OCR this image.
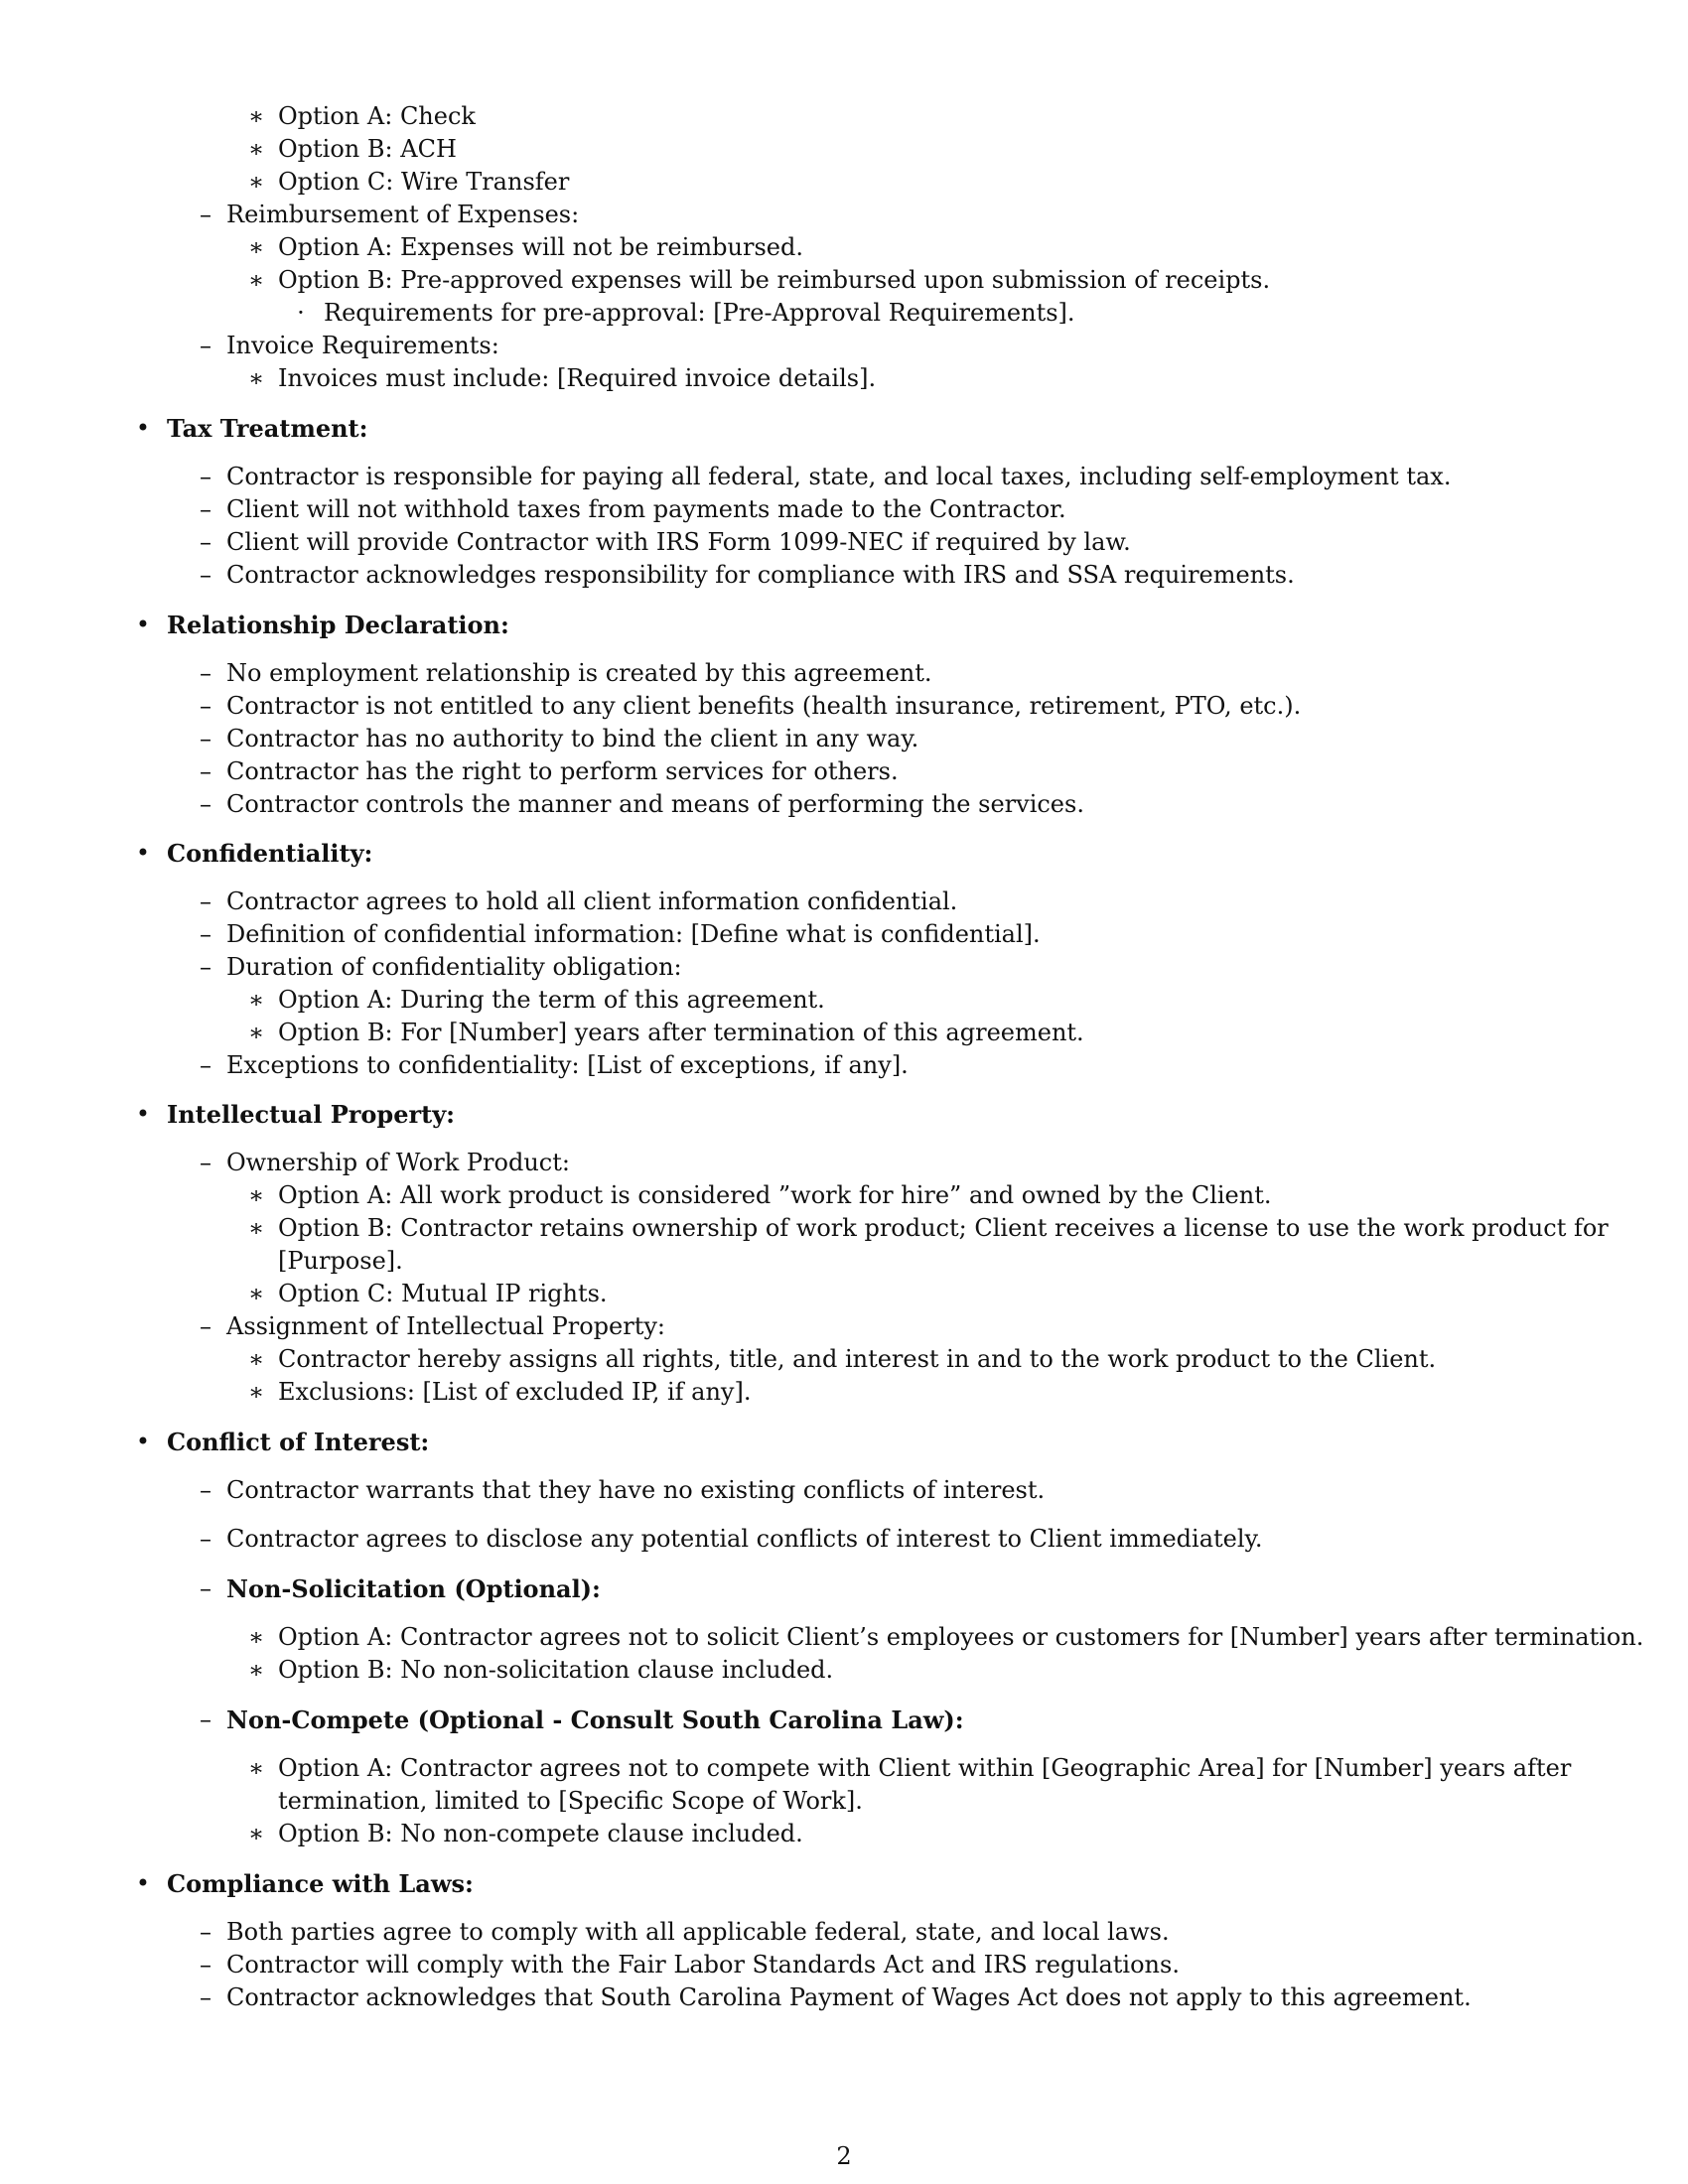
∗ Option A: Check
∗ Option B: ACH
∗ Option C: Wire Transfer
– Reimbursement of Expenses:
∗ Option A: Expenses will not be reimbursed.
∗ Option B: Pre-approved expenses will be reimbursed upon submission of receipts.
· Requirements for pre-approval: [Pre-Approval Requirements].
– Invoice Requirements:
∗ Invoices must include: [Required invoice details].
• Tax Treatment:
– Contractor is responsible for paying all federal, state, and local taxes, including self-employment tax.
– Client will not withhold taxes from payments made to the Contractor.
– Client will provide Contractor with IRS Form 1099-NEC if required by law.
– Contractor acknowledges responsibility for compliance with IRS and SSA requirements.
• Relationship Declaration:
– No employment relationship is created by this agreement.
– Contractor is not entitled to any client benefits (health insurance, retirement, PTO, etc.).
– Contractor has no authority to bind the client in any way.
– Contractor has the right to perform services for others.
– Contractor controls the manner and means of performing the services.
• Confidentiality:
– Contractor agrees to hold all client information confidential.
– Definition of confidential information: [Define what is confidential].
– Duration of confidentiality obligation:
∗ Option A: During the term of this agreement.
∗ Option B: For [Number] years after termination of this agreement.
– Exceptions to confidentiality: [List of exceptions, if any].
• Intellectual Property:
– Ownership of Work Product:
∗ Option A: All work product is considered ”work for hire” and owned by the Client.
∗ Option B: Contractor retains ownership of work product; Client receives a license to use the work product for
[Purpose].
∗ Option C: Mutual IP rights.
– Assignment of Intellectual Property:
∗ Contractor hereby assigns all rights, title, and interest in and to the work product to the Client.
∗ Exclusions: [List of excluded IP, if any].
• Conflict of Interest:
– Contractor warrants that they have no existing conflicts of interest.
– Contractor agrees to disclose any potential conflicts of interest to Client immediately.
– Non-Solicitation (Optional):
∗ Option A: Contractor agrees not to solicit Client’s employees or customers for [Number] years after termination.
∗ Option B: No non-solicitation clause included.
– Non-Compete (Optional - Consult South Carolina Law):
∗ Option A: Contractor agrees not to compete with Client within [Geographic Area] for [Number] years after
termination, limited to [Specific Scope of Work].
∗ Option B: No non-compete clause included.
• Compliance with Laws:
– Both parties agree to comply with all applicable federal, state, and local laws.
– Contractor will comply with the Fair Labor Standards Act and IRS regulations.
– Contractor acknowledges that South Carolina Payment of Wages Act does not apply to this agreement.
2
